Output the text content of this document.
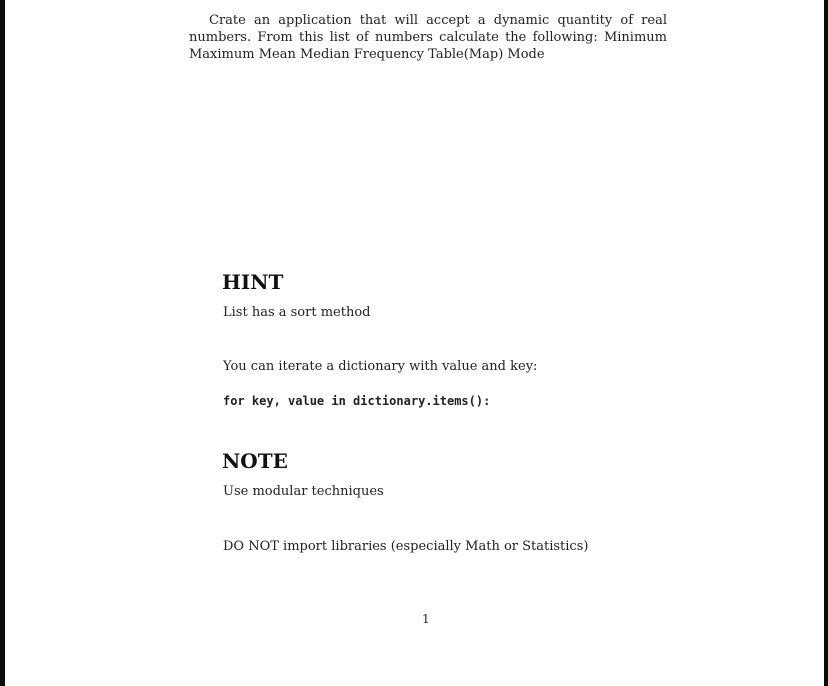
Crate an application that will accept a dynamic quantity of real numbers. From this list of numbers calculate the following: Minimum Maximum Mean Median Frequency Table(Map) Mode
HINT
List has a sort method
You can iterate a dictionary with value and key:
for key, value in dictionary.items():
NOTE
Use modular techniques
DO NOT import libraries (especially Math or Statistics)
1
